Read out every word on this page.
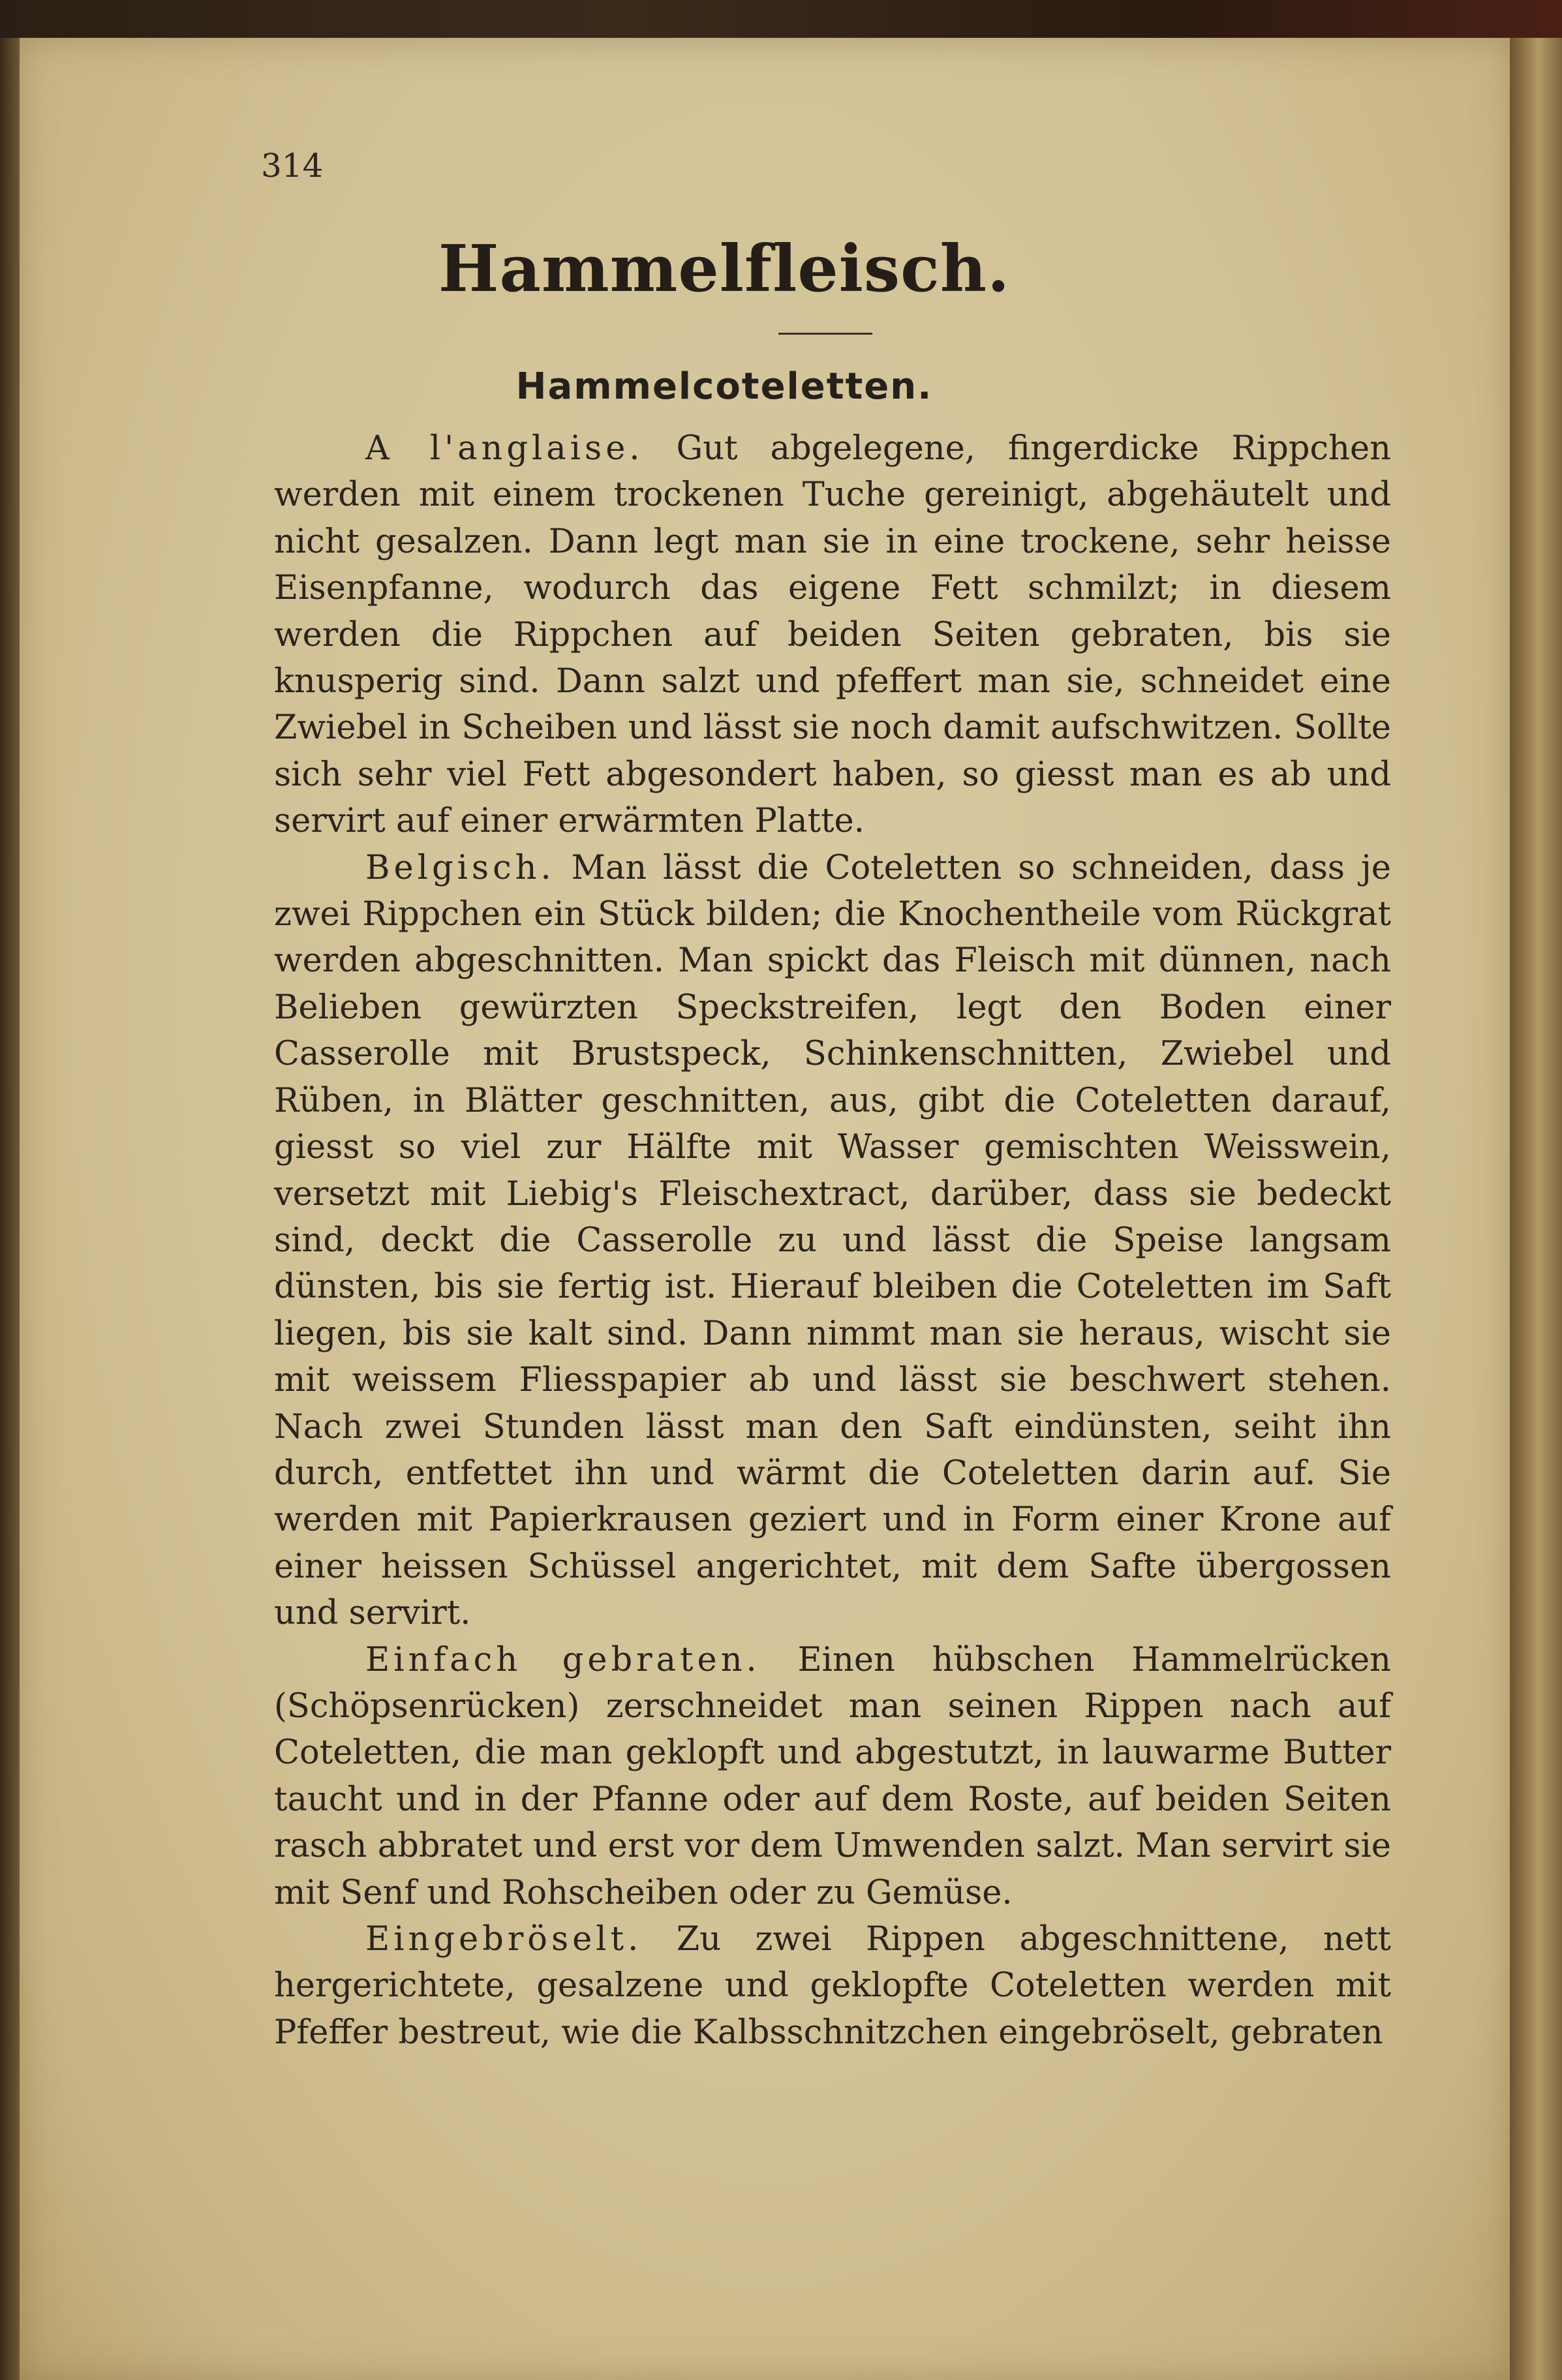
314
Hammelfleisch.
Hammelcoteletten.

A l'anglaise. Gut abgelegene, fingerdicke Rippchen werden mit einem trockenen Tuche gereinigt, abgehäutelt und nicht gesalzen. Dann legt man sie in eine trockene, sehr heisse Eisenpfanne, wodurch das eigene Fett schmilzt; in diesem werden die Rippchen auf beiden Seiten gebraten, bis sie knusperig sind. Dann salzt und pfeffert man sie, schneidet eine Zwiebel in Scheiben und lässt sie noch damit aufschwitzen. Sollte sich sehr viel Fett abgesondert haben, so giesst man es ab und servirt auf einer erwärmten Platte.

Belgisch. Man lässt die Coteletten so schneiden, dass je zwei Rippchen ein Stück bilden; die Knochentheile vom Rückgrat werden abgeschnitten. Man spickt das Fleisch mit dünnen, nach Belieben gewürzten Speckstreifen, legt den Boden einer Casserolle mit Brustspeck, Schinkenschnitten, Zwiebel und Rüben, in Blätter geschnitten, aus, gibt die Coteletten darauf, giesst so viel zur Hälfte mit Wasser gemischten Weisswein, versetzt mit Liebig's Fleischextract, darüber, dass sie bedeckt sind, deckt die Casserolle zu und lässt die Speise langsam dünsten, bis sie fertig ist. Hierauf bleiben die Coteletten im Saft liegen, bis sie kalt sind. Dann nimmt man sie heraus, wischt sie mit weissem Fliesspapier ab und lässt sie beschwert stehen. Nach zwei Stunden lässt man den Saft eindünsten, seiht ihn durch, entfettet ihn und wärmt die Coteletten darin auf. Sie werden mit Papierkrausen geziert und in Form einer Krone auf einer heissen Schüssel angerichtet, mit dem Safte übergossen und servirt.

Einfach gebraten. Einen hübschen Hammelrücken (Schöpsenrücken) zerschneidet man seinen Rippen nach auf Coteletten, die man geklopft und abgestutzt, in lauwarme Butter taucht und in der Pfanne oder auf dem Roste, auf beiden Seiten rasch abbratet und erst vor dem Umwenden salzt. Man servirt sie mit Senf und Rohscheiben oder zu Gemüse.

Eingebröselt. Zu zwei Rippen abgeschnittene, nett hergerichtete, gesalzene und geklopfte Coteletten werden mit Pfeffer bestreut, wie die Kalbsschnitzchen eingebröselt, gebraten
